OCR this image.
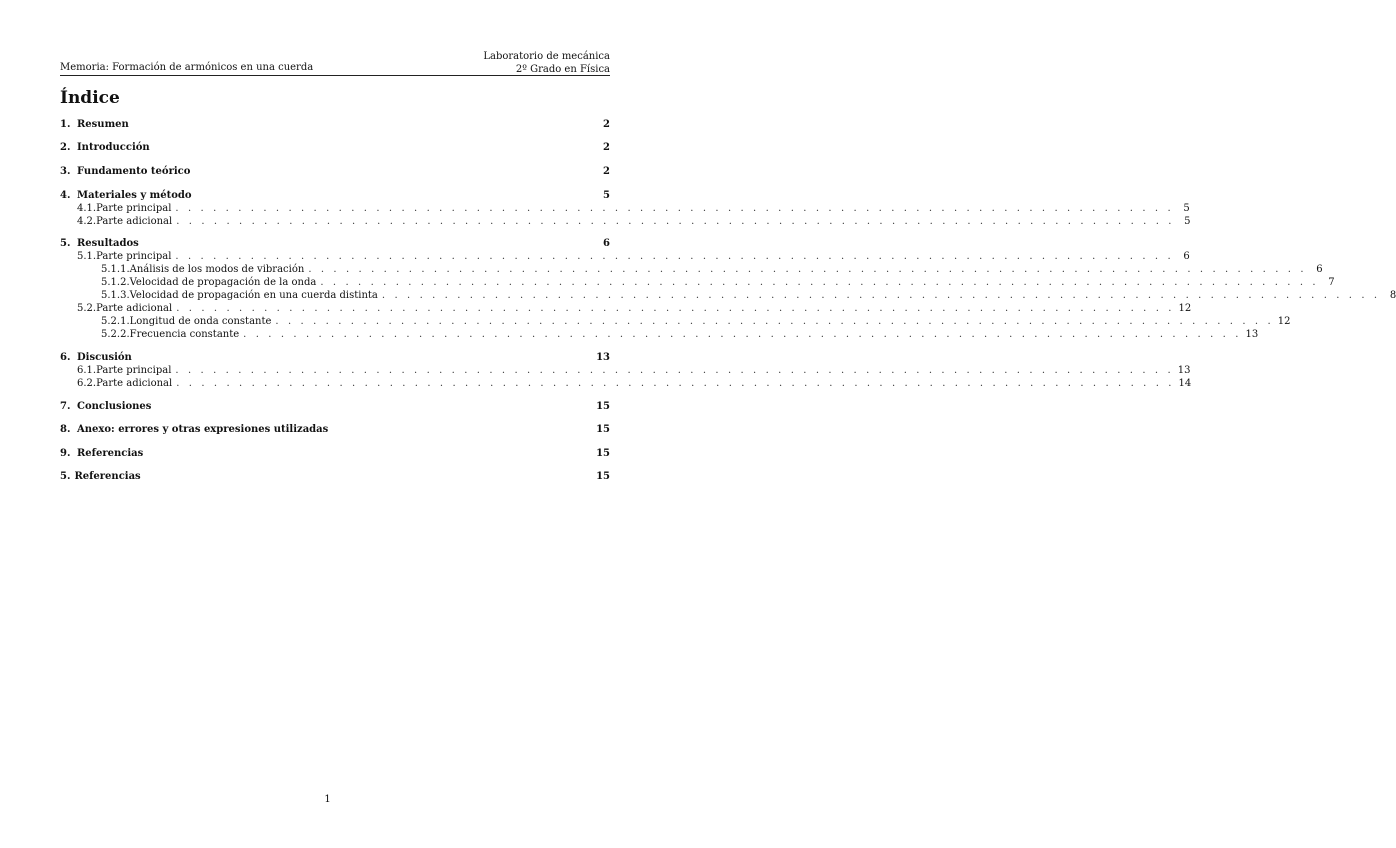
Memoria: Formación de armónicos en una cuerda
Laboratorio de mecánica
2º Grado en Física
Índice
1. Resumen	2
2. Introducción	2
3. Fundamento teórico	2
4. Materiales y método	5
4.1. Parte principal . . . . . . . . . . . . . . . . . . . . . . . . . . . . . . . . . . . . . . . . . . . . . . . . . . . . . . . . . . . . . . . . . . . . . . . . . . . . . . . . 5
4.2. Parte adicional . . . . . . . . . . . . . . . . . . . . . . . . . . . . . . . . . . . . . . . . . . . . . . . . . . . . . . . . . . . . . . . . . . . . . . . . . . . . . . . . 5
5. Resultados	6
5.1. Parte principal . . . . . . . . . . . . . . . . . . . . . . . . . . . . . . . . . . . . . . . . . . . . . . . . . . . . . . . . . . . . . . . . . . . . . . . . . . . . . . . . 6
5.1.1. Análisis de los modos de vibración . . . . . . . . . . . . . . . . . . . . . . . . . . . . . . . . . . . . . . . . . . . . . . . . . . . . . . . . . . . . . . . . . . . . . . . . . . . . . . . . 6
5.1.2. Velocidad de propagación de la onda . . . . . . . . . . . . . . . . . . . . . . . . . . . . . . . . . . . . . . . . . . . . . . . . . . . . . . . . . . . . . . . . . . . . . . . . . . . . . . . . 7
5.1.3. Velocidad de propagación en una cuerda distinta . . . . . . . . . . . . . . . . . . . . . . . . . . . . . . . . . . . . . . . . . . . . . . . . . . . . . . . . . . . . . . . . . . . . . . . . . . . . . . . . 8
5.2. Parte adicional . . . . . . . . . . . . . . . . . . . . . . . . . . . . . . . . . . . . . . . . . . . . . . . . . . . . . . . . . . . . . . . . . . . . . . . . . . . . . . . . 12
5.2.1. Longitud de onda constante . . . . . . . . . . . . . . . . . . . . . . . . . . . . . . . . . . . . . . . . . . . . . . . . . . . . . . . . . . . . . . . . . . . . . . . . . . . . . . . . 12
5.2.2. Frecuencia constante . . . . . . . . . . . . . . . . . . . . . . . . . . . . . . . . . . . . . . . . . . . . . . . . . . . . . . . . . . . . . . . . . . . . . . . . . . . . . . . . 13
6. Discusión	13
6.1. Parte principal . . . . . . . . . . . . . . . . . . . . . . . . . . . . . . . . . . . . . . . . . . . . . . . . . . . . . . . . . . . . . . . . . . . . . . . . . . . . . . . . 13
6.2. Parte adicional . . . . . . . . . . . . . . . . . . . . . . . . . . . . . . . . . . . . . . . . . . . . . . . . . . . . . . . . . . . . . . . . . . . . . . . . . . . . . . . . 14
7. Conclusiones	15
8. Anexo: errores y otras expresiones utilizadas	15
9. Referencias	15
5. Referencias	15
1
